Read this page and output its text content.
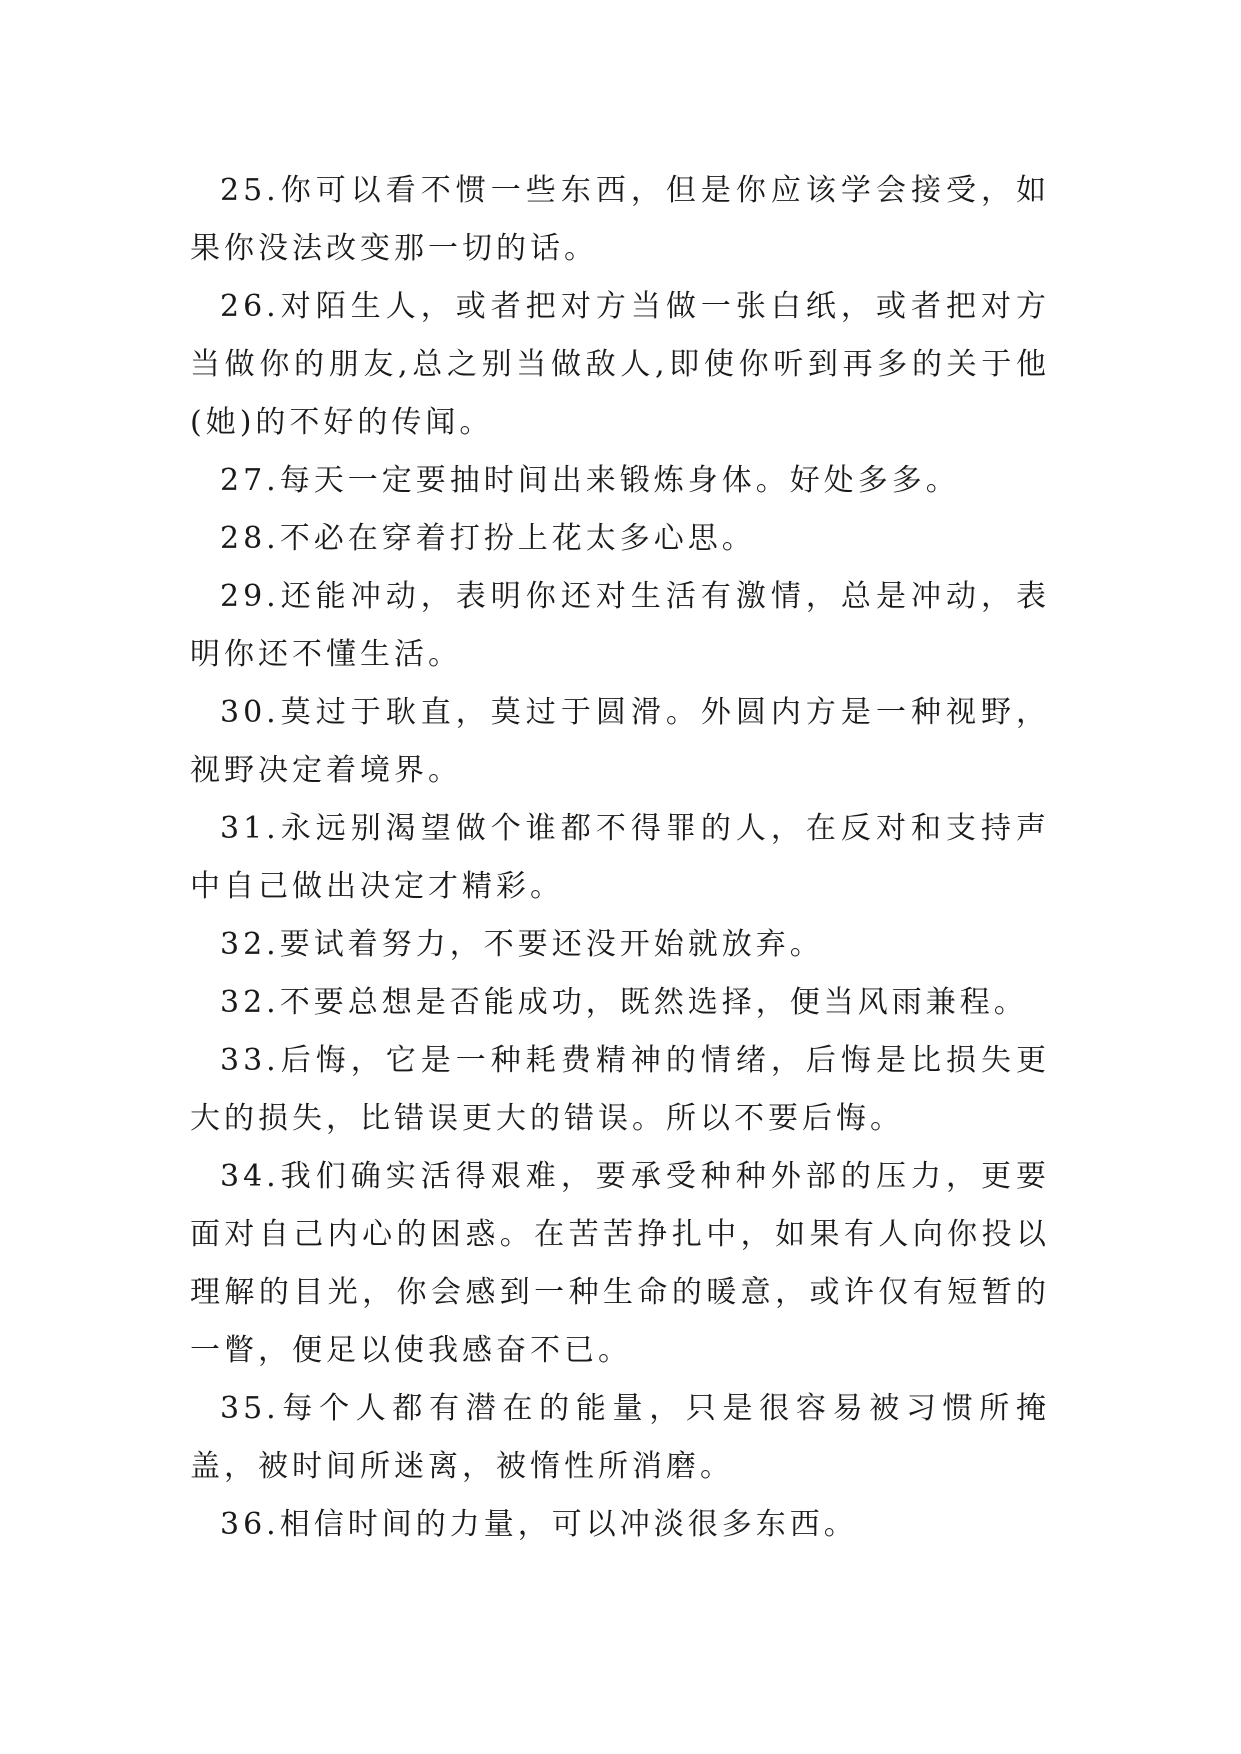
25.你可以看不惯一些东西，但是你应该学会接受，如果你没法改变那一切的话。

26.对陌生人，或者把对方当做一张白纸，或者把对方当做你的朋友,总之别当做敌人,即使你听到再多的关于他(她)的不好的传闻。

27.每天一定要抽时间出来锻炼身体。好处多多。

28.不必在穿着打扮上花太多心思。

29.还能冲动，表明你还对生活有激情，总是冲动，表明你还不懂生活。

30.莫过于耿直，莫过于圆滑。外圆内方是一种视野，视野决定着境界。

31.永远别渴望做个谁都不得罪的人，在反对和支持声中自己做出决定才精彩。

32.要试着努力，不要还没开始就放弃。

32.不要总想是否能成功，既然选择，便当风雨兼程。

33.后悔，它是一种耗费精神的情绪，后悔是比损失更大的损失，比错误更大的错误。所以不要后悔。

34.我们确实活得艰难，要承受种种外部的压力，更要面对自己内心的困惑。在苦苦挣扎中，如果有人向你投以理解的目光，你会感到一种生命的暖意，或许仅有短暂的一瞥，便足以使我感奋不已。

35.每个人都有潜在的能量，只是很容易被习惯所掩盖，被时间所迷离，被惰性所消磨。

36.相信时间的力量，可以冲淡很多东西。
